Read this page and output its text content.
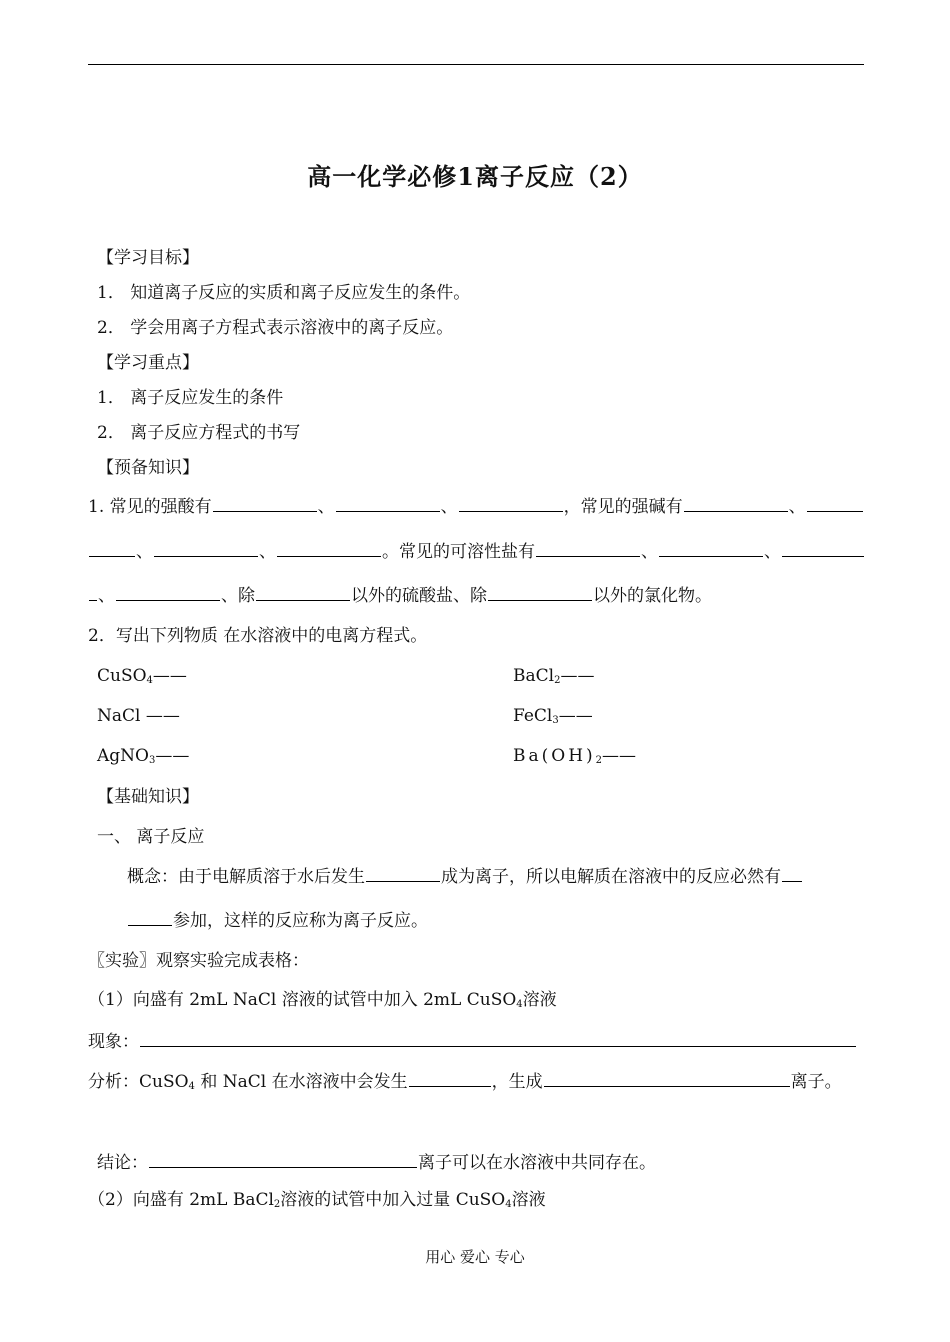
高一化学必修1离子反应（2）
【学习目标】
1． 知道离子反应的实质和离子反应发生的条件。
2． 学会用离子方程式表示溶液中的离子反应。
【学习重点】
1． 离子反应发生的条件
2． 离子反应方程式的书写
【预备知识】
1. 常见的强酸有	、	、	，常见的强碱有	、
、	、	。常见的可溶性盐有	、	、
、	、除	以外的硫酸盐、除	以外的氯化物。
2．写出下列物质 在水溶液中的电离方程式。
CuSO$_4$——	BaCl$_2$——
NaCl ——	FeCl$_3$——
AgNO$_3$——	$Ba(OH)_2——$
【基础知识】
一、 离子反应
概念：由于电解质溶于水后发生	成为离子，所以电解质在溶液中的反应必然有
参加，这样的反应称为离子反应。
〖实验〗观察实验完成表格：
（1）向盛有 2mL NaCl 溶液的试管中加入 2mL CuSO$_4$溶液
现象：
分析：CuSO$_4$ 和 NaCl 在水溶液中会发生	，生成	离子。
结论：	离子可以在水溶液中共同存在。
（2）向盛有 2mL BaCl$_2$溶液的试管中加入过量 CuSO$_4$溶液
用心 爱心 专心
